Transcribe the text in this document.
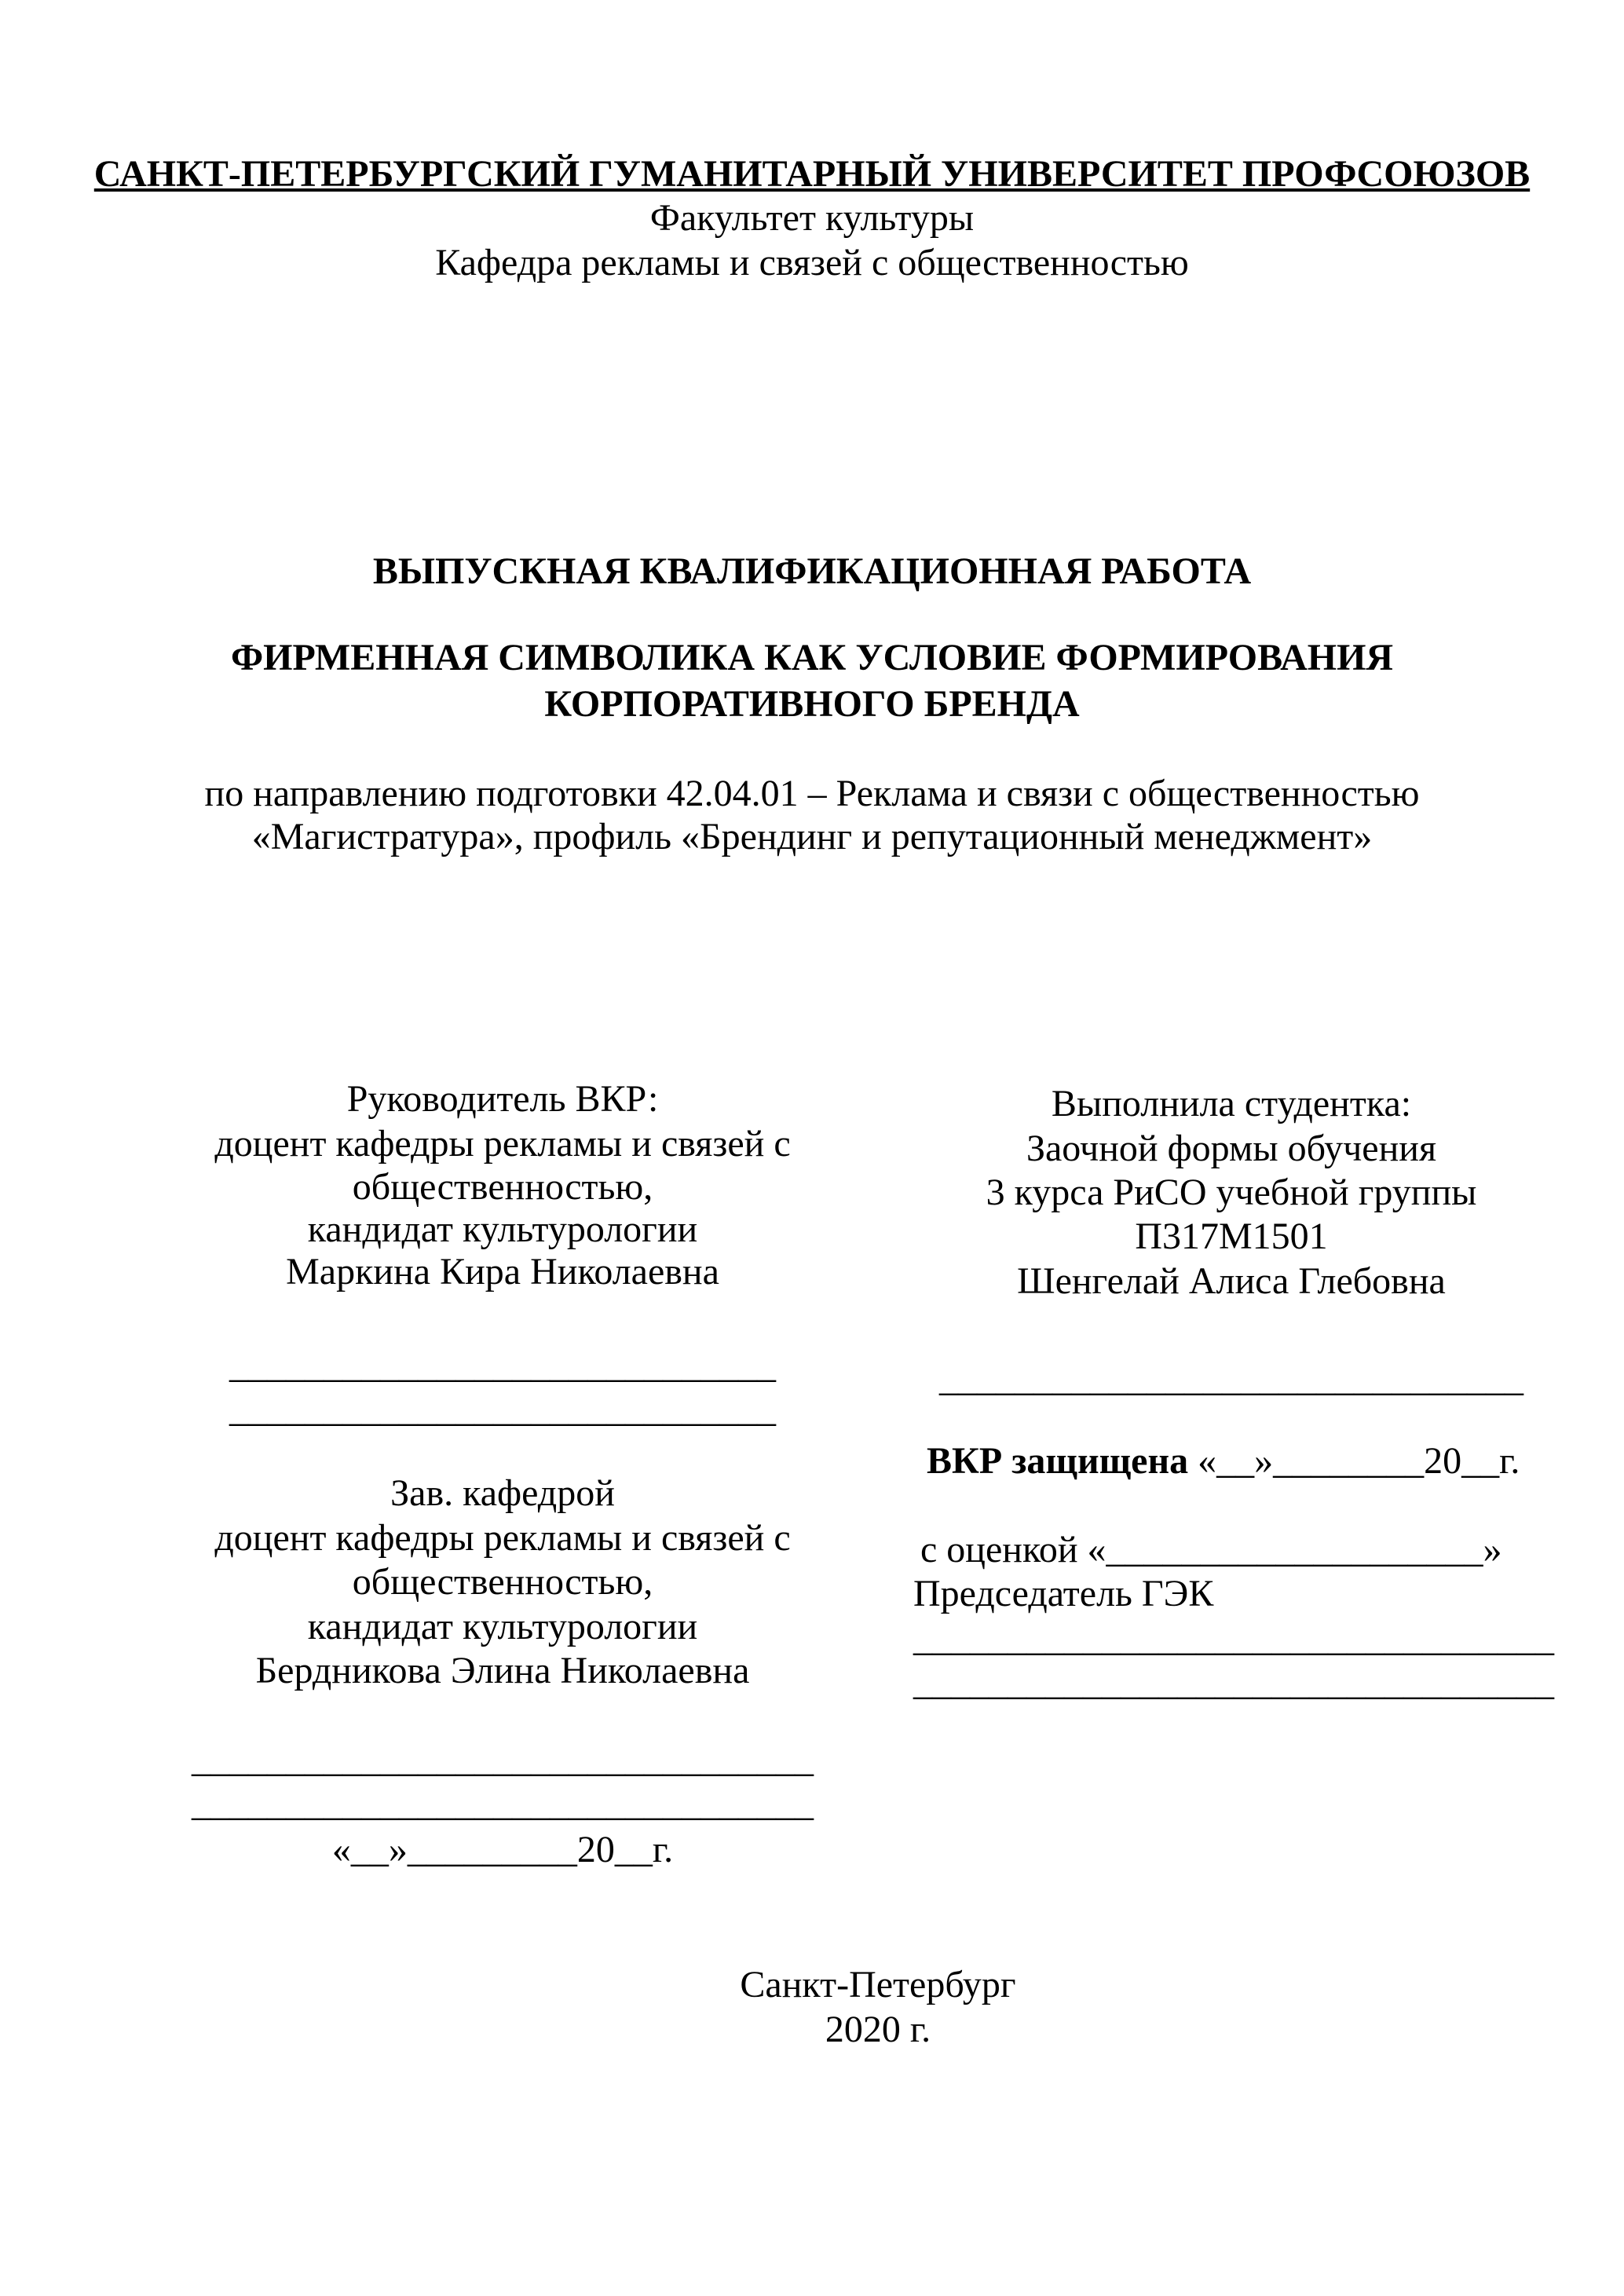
САНКТ-ПЕТЕРБУРГСКИЙ ГУМАНИТАРНЫЙ УНИВЕРСИТЕТ ПРОФСОЮЗОВ
Факультет культуры
Кафедра рекламы и связей с общественностью
ВЫПУСКНАЯ КВАЛИФИКАЦИОННАЯ РАБОТА
ФИРМЕННАЯ СИМВОЛИКА КАК УСЛОВИЕ ФОРМИРОВАНИЯ
КОРПОРАТИВНОГО БРЕНДА
по направлению подготовки 42.04.01 – Реклама и связи с общественностью
«Магистратура», профиль «Брендинг и репутационный менеджмент»
Руководитель ВКР:
доцент кафедры рекламы и связей с
общественностью,
кандидат культурологии
Маркина Кира Николаевна
_____________________________
_____________________________
Зав. кафедрой
доцент кафедры рекламы и связей с
общественностью,
кандидат культурологии
Бердникова Элина Николаевна
_________________________________
_________________________________
«__»_________20__г.
Выполнила студентка:
Заочной формы обучения
3 курса РиСО учебной группы
П317М1501
Шенгелай Алиса Глебовна
_______________________________
ВКР защищена «__»________20__г.
с оценкой «____________________»
Председатель ГЭК
__________________________________
__________________________________
Санкт-Петербург
2020 г.
